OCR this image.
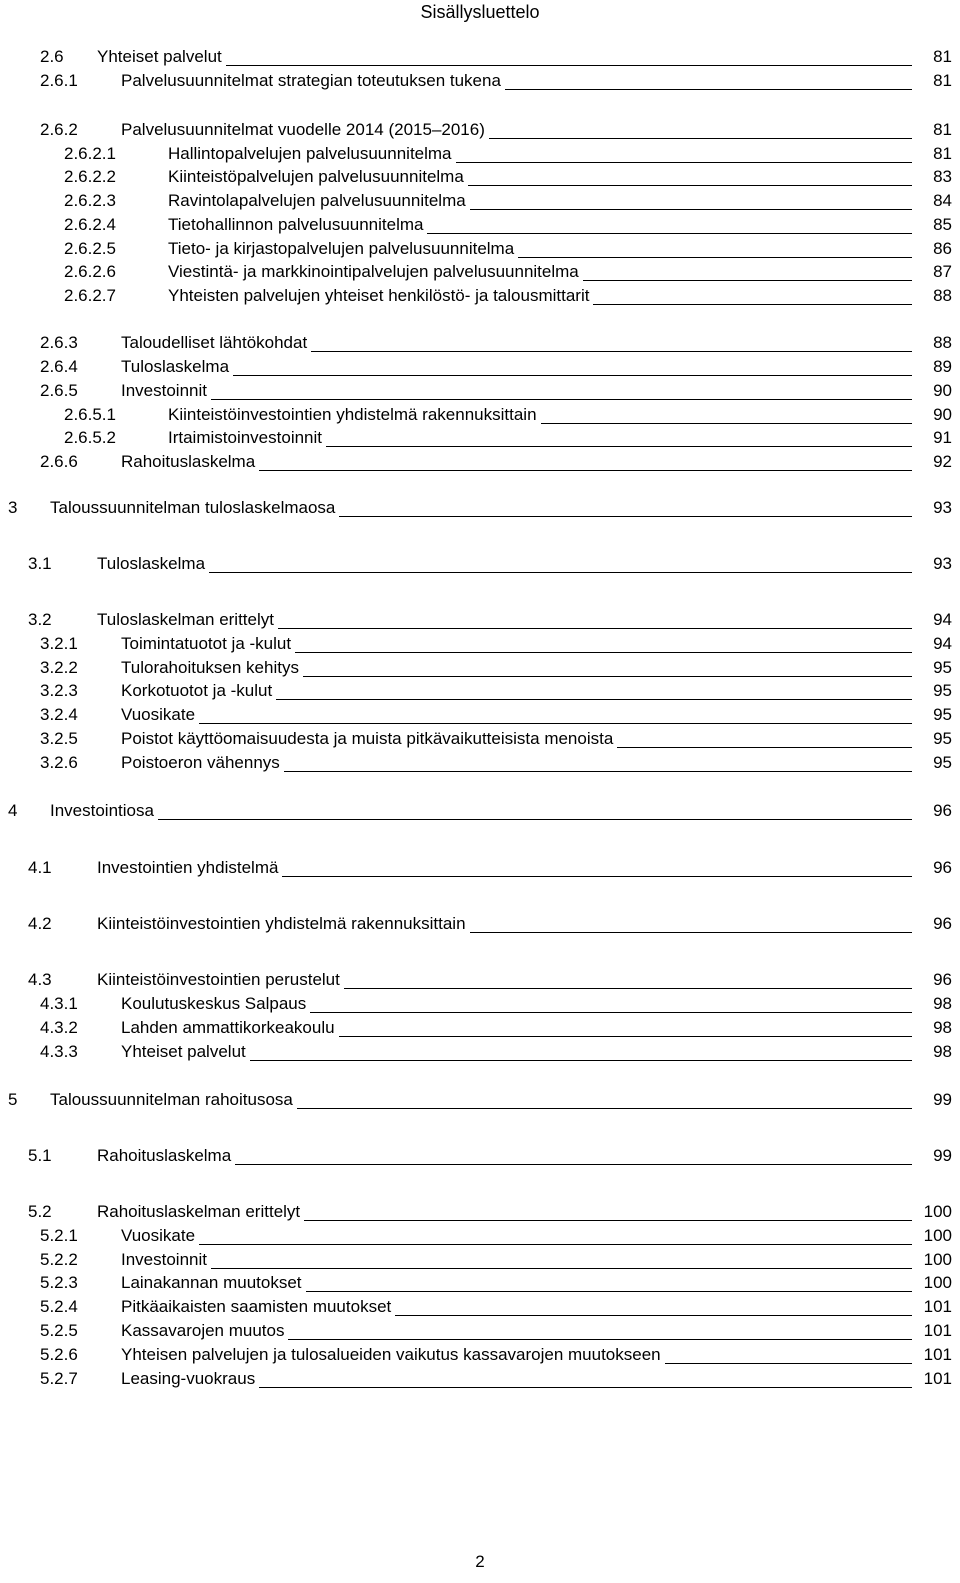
Sisällysluettelo
2.6 Yhteiset palvelut	81
2.6.1	Palvelusuunnitelmat strategian toteutuksen tukena	81
2.6.2	Palvelusuunnitelmat vuodelle 2014 (2015–2016)	81
2.6.2.1	Hallintopalvelujen palvelusuunnitelma	81
2.6.2.2	Kiinteistöpalvelujen palvelusuunnitelma	83
2.6.2.3	Ravintolapalvelujen palvelusuunnitelma	84
2.6.2.4	Tietohallinnon palvelusuunnitelma	85
2.6.2.5	Tieto- ja kirjastopalvelujen palvelusuunnitelma	86
2.6.2.6	Viestintä- ja markkinointipalvelujen palvelusuunnitelma	87
2.6.2.7	Yhteisten palvelujen yhteiset henkilöstö- ja talousmittarit	88
2.6.3	Taloudelliset lähtökohdat	88
2.6.4	Tuloslaskelma	89
2.6.5	Investoinnit	90
2.6.5.1	Kiinteistöinvestointien yhdistelmä rakennuksittain	90
2.6.5.2	Irtaimistoinvestoinnit	91
2.6.6	Rahoituslaskelma	92
3 Taloussuunnitelman tuloslaskelmaosa	93
3.1	Tuloslaskelma	93
3.2	Tuloslaskelman erittelyt	94
3.2.1	Toimintatuotot ja -kulut	94
3.2.2	Tulorahoituksen kehitys	95
3.2.3	Korkotuotot ja -kulut	95
3.2.4	Vuosikate	95
3.2.5	Poistot käyttöomaisuudesta ja muista pitkävaikutteisista menoista	95
3.2.6	Poistoeron vähennys	95
4 Investointiosa	96
4.1	Investointien yhdistelmä	96
4.2	Kiinteistöinvestointien yhdistelmä rakennuksittain	96
4.3	Kiinteistöinvestointien perustelut	96
4.3.1	Koulutuskeskus Salpaus	98
4.3.2	Lahden ammattikorkeakoulu	98
4.3.3	Yhteiset palvelut	98
5 Taloussuunnitelman rahoitusosa	99
5.1	Rahoituslaskelma	99
5.2	Rahoituslaskelman erittelyt	100
5.2.1	Vuosikate	100
5.2.2	Investoinnit	100
5.2.3	Lainakannan muutokset	100
5.2.4	Pitkäaikaisten saamisten muutokset	101
5.2.5	Kassavarojen muutos	101
5.2.6	Yhteisen palvelujen ja tulosalueiden vaikutus kassavarojen muutokseen	101
5.2.7	Leasing-vuokraus	101
2
